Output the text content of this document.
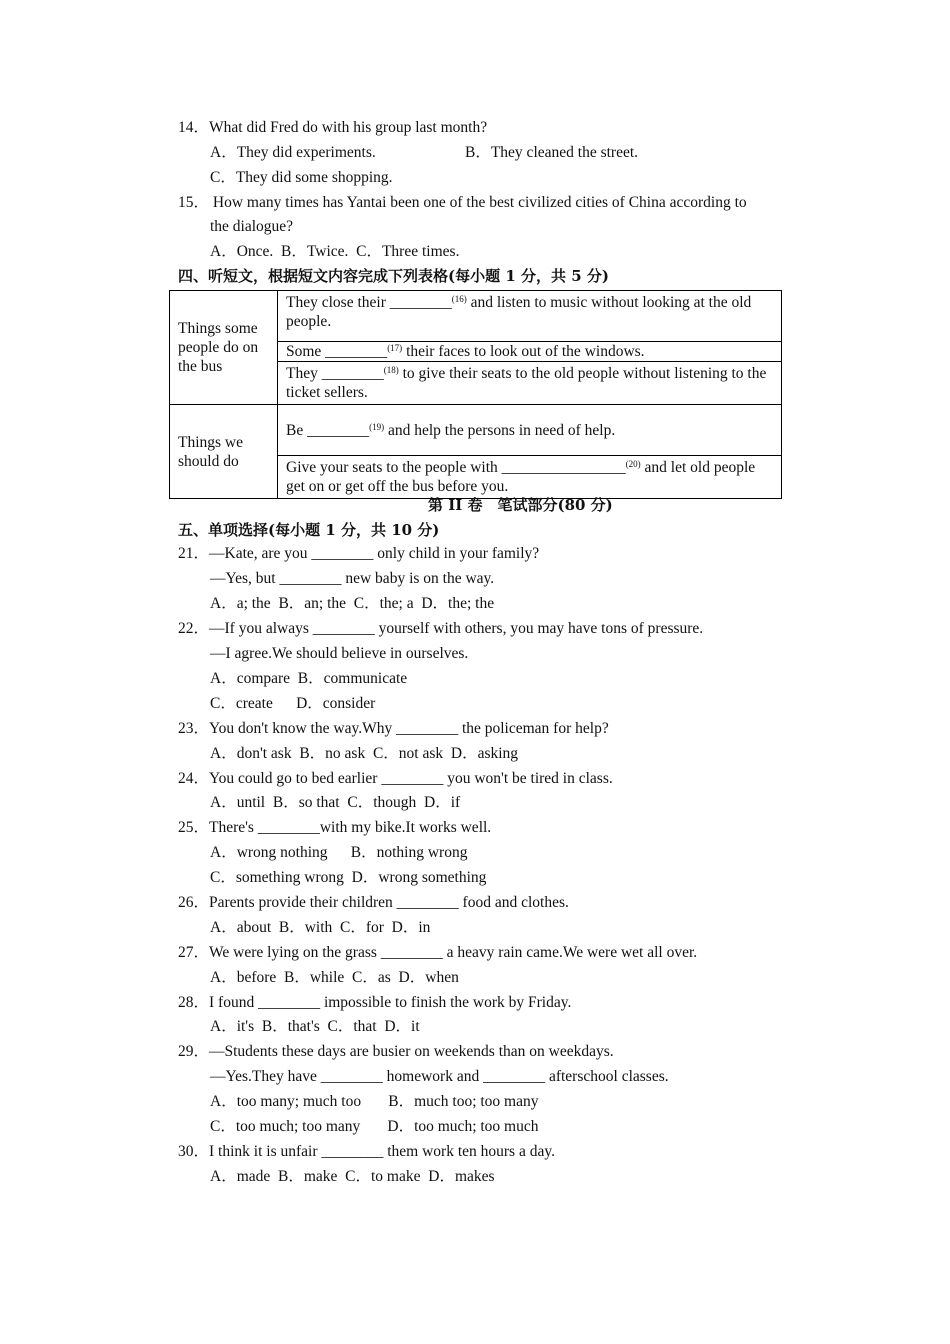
14．What did Fred do with his group last month?
A．They did experiments.	B．They cleaned the street.
C．They did some shopping.
15． How many times has Yantai been one of the best civilized cities of China according to
the dialogue?
A．Once.  B．Twice.  C．Three times.
四、听短文，根据短文内容完成下列表格(每小题 1 分，共 5 分)
Things some people do on the bus	They close their ________$^{(16)}$ and listen to music without looking at the old people.
	Some ________$^{(17)}$ their faces to look out of the windows.
	They ________$^{(18)}$ to give their seats to the old people without listening to the ticket sellers.
Things we should do	Be ________$^{(19)}$ and help the persons in need of help.
	Give your seats to the people with ________________$^{(20)}$ and let old people get on or get off the bus before you.
第 II 卷　笔试部分(80 分)
五、单项选择(每小题 1 分，共 10 分)
21．—Kate, are you ________ only child in your family?
—Yes, but ________ new baby is on the way.
A．a; the  B．an; the  C．the; a  D．the; the
22．—If you always ________ yourself with others, you may have tons of pressure.
—I agree.We should believe in ourselves.
A．compare  B．communicate
C．create      D．consider
23．You don't know the way.Why ________ the policeman for help?
A．don't ask  B．no ask  C．not ask  D．asking
24．You could go to bed earlier ________ you won't be tired in class.
A．until  B．so that  C．though  D．if
25．There's ________with my bike.It works well.
A．wrong nothing      B．nothing wrong
C．something wrong  D．wrong something
26．Parents provide their children ________ food and clothes.
A．about  B．with  C．for  D．in
27．We were lying on the grass ________ a heavy rain came.We were wet all over.
A．before  B．while  C．as  D．when
28．I found ________ impossible to finish the work by Friday.
A．it's  B．that's  C．that  D．it
29．—Students these days are busier on weekends than on weekdays.
—Yes.They have ________ homework and ________ afterschool classes.
A．too many; much too       B．much too; too many
C．too much; too many       D．too much; too much
30．I think it is unfair ________ them work ten hours a day.
A．made  B．make  C．to make  D．makes
